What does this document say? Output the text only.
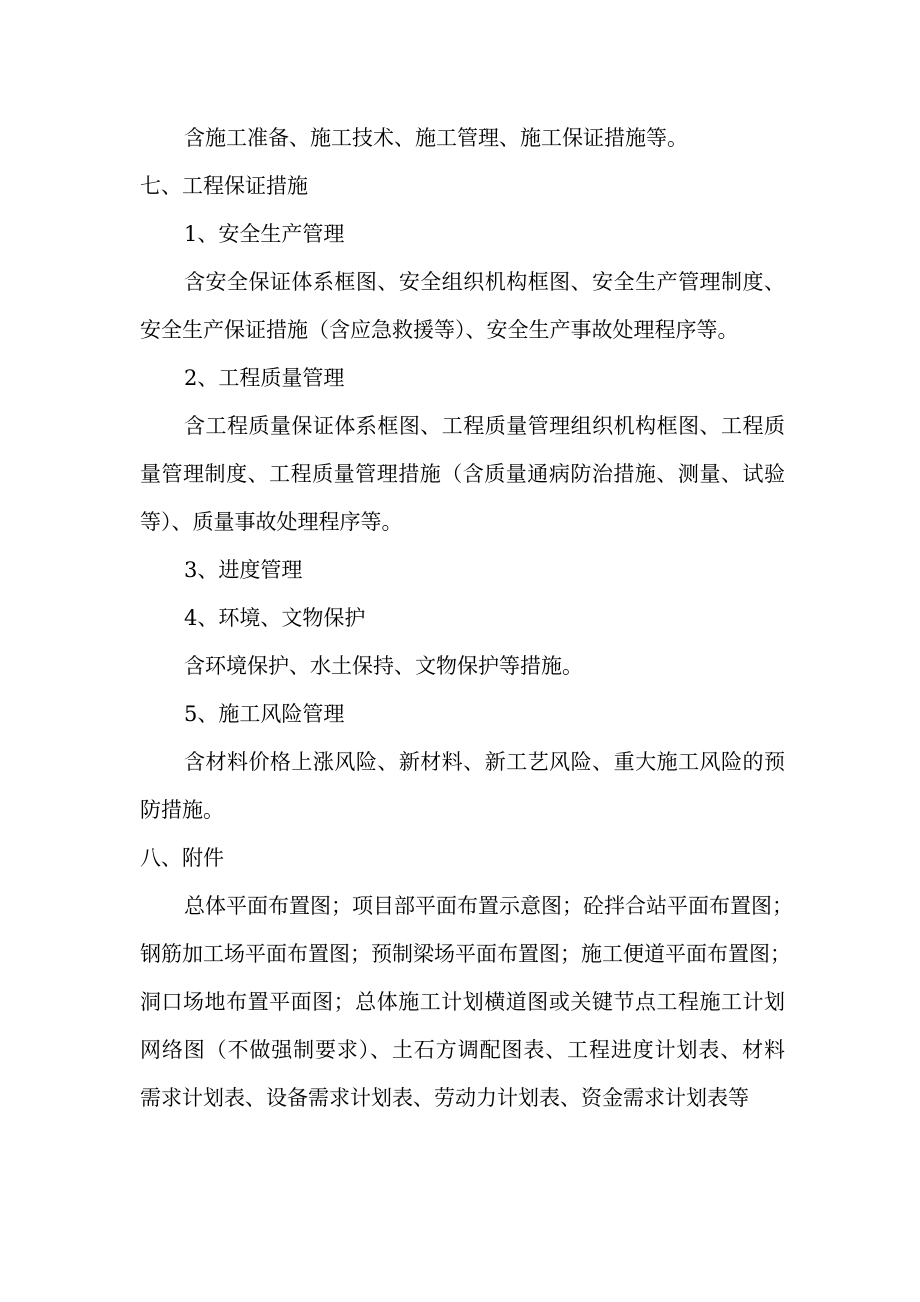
含施工准备、施工技术、施工管理、施工保证措施等。
七、工程保证措施
1、安全生产管理
含安全保证体系框图、安全组织机构框图、安全生产管理制度、
安全生产保证措施（含应急救援等）、安全生产事故处理程序等。
2、工程质量管理
含工程质量保证体系框图、工程质量管理组织机构框图、工程质
量管理制度、工程质量管理措施（含质量通病防治措施、测量、试验
等）、质量事故处理程序等。
3、进度管理
4、环境、文物保护
含环境保护、水土保持、文物保护等措施。
5、施工风险管理
含材料价格上涨风险、新材料、新工艺风险、重大施工风险的预
防措施。
八、附件
总体平面布置图；项目部平面布置示意图；砼拌合站平面布置图；
钢筋加工场平面布置图；预制梁场平面布置图；施工便道平面布置图；
洞口场地布置平面图；总体施工计划横道图或关键节点工程施工计划
网络图（不做强制要求）、土石方调配图表、工程进度计划表、材料
需求计划表、设备需求计划表、劳动力计划表、资金需求计划表等
